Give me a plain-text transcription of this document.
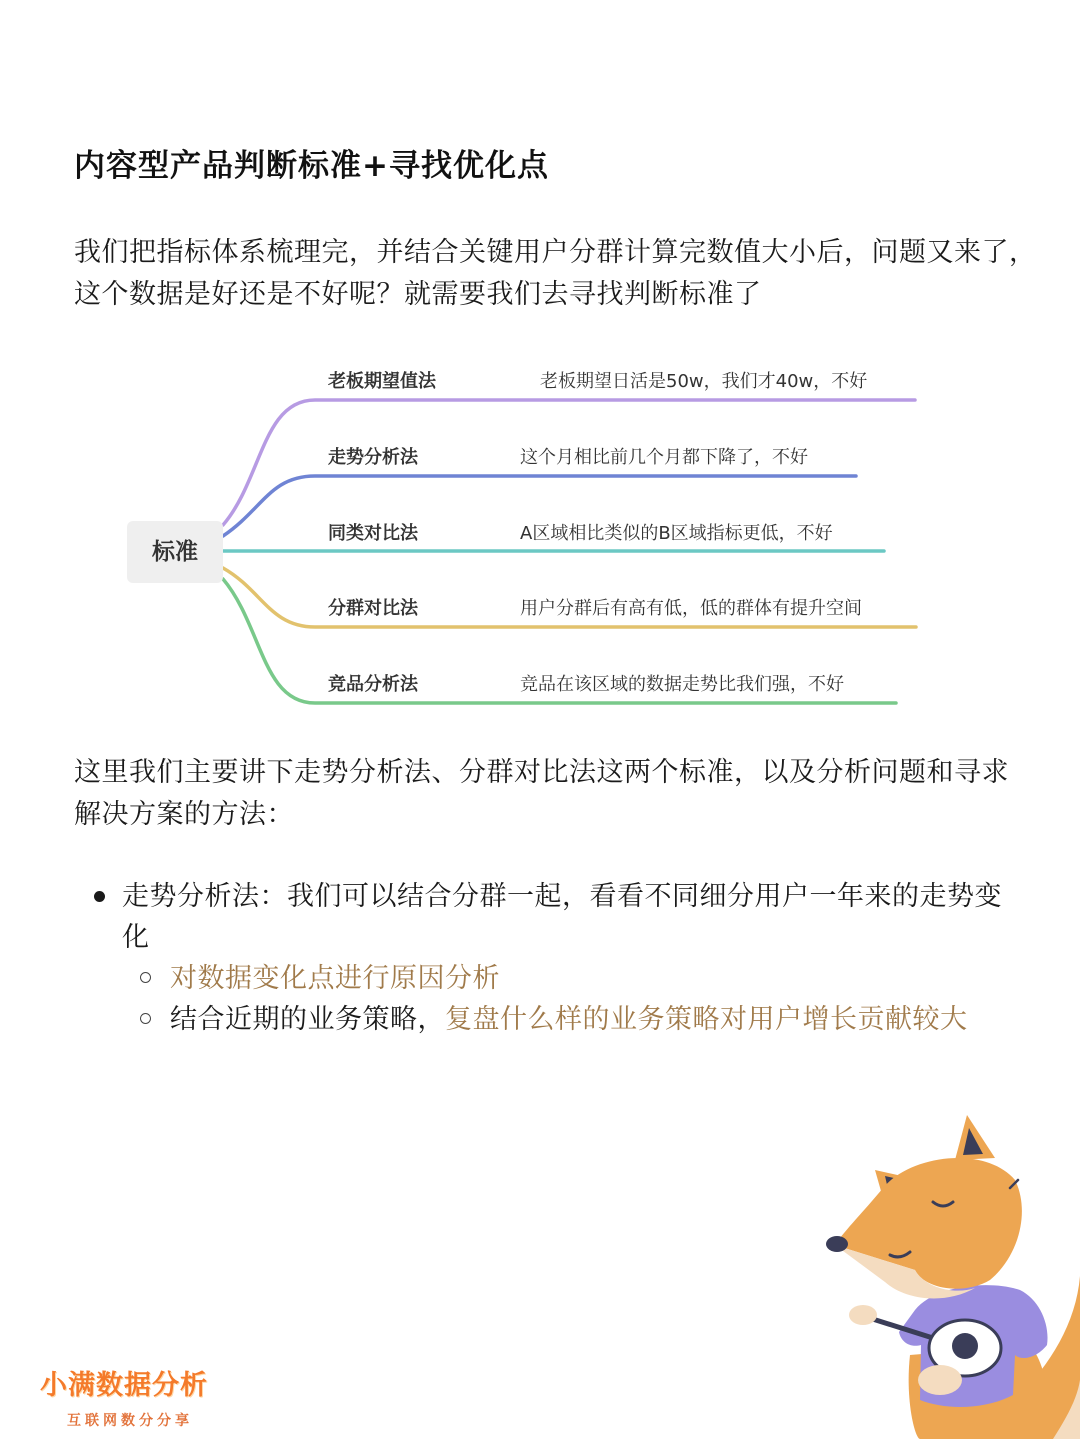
内容型产品判断标准+寻找优化点

我们把指标体系梳理完，并结合关键用户分群计算完数值大小后，问题又来了，这个数据是好还是不好呢？就需要我们去寻找判断标准了

标准
老板期望值法	老板期望日活是50w，我们才40w，不好
走势分析法	这个月相比前几个月都下降了，不好
同类对比法	A区域相比类似的B区域指标更低，不好
分群对比法	用户分群后有高有低，低的群体有提升空间
竞品分析法	竞品在该区域的数据走势比我们强，不好

这里我们主要讲下走势分析法、分群对比法这两个标准，以及分析问题和寻求解决方案的方法：

走势分析法：我们可以结合分群一起，看看不同细分用户一年来的走势变化
对数据变化点进行原因分析
结合近期的业务策略，复盘什么样的业务策略对用户增长贡献较大
小满数据分析
互联网数分分享
